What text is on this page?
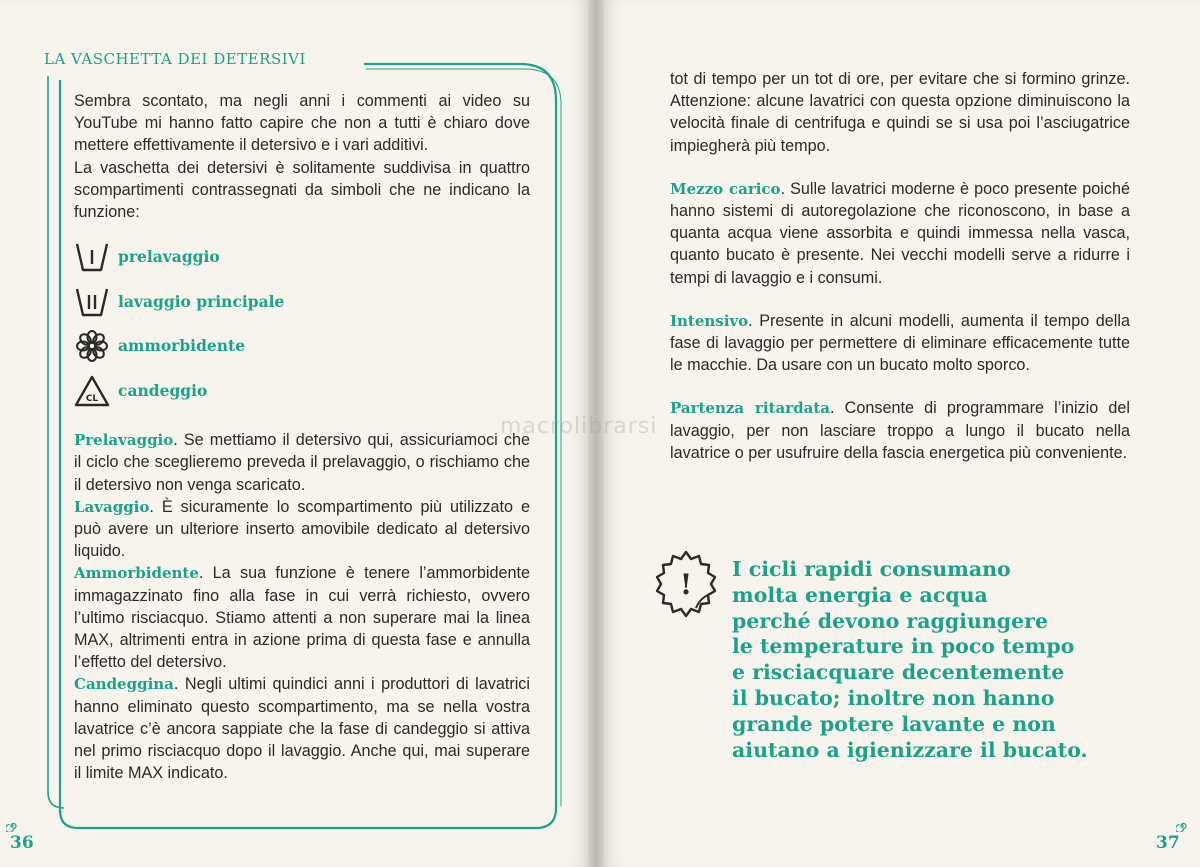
LA VASCHETTA DEI DETERSIVI

Sembra scontato, ma negli anni i commenti ai video su YouTube mi hanno fatto capire che non a tutti è chiaro dove mettere effettivamente il detersivo e i vari additivi.

La vaschetta dei detersivi è solitamente suddivisa in quattro scompartimenti contrassegnati da simboli che ne indicano la funzione:

prelavaggio
lavaggio principale
ammorbidente
CL candeggio

Prelavaggio. Se mettiamo il detersivo qui, assicuriamoci che il ciclo che sceglieremo preveda il prelavaggio, o rischiamo che il detersivo non venga scaricato.

Lavaggio. È sicuramente lo scompartimento più utilizzato e può avere un ulteriore inserto amovibile dedicato al detersivo liquido.

Ammorbidente. La sua funzione è tenere l’ammorbidente immagazzinato fino alla fase in cui verrà richiesto, ovvero l’ultimo risciacquo. Stiamo attenti a non superare mai la linea MAX, altrimenti entra in azione prima di questa fase e annulla l’effetto del detersivo.

Candeggina. Negli ultimi quindici anni i produttori di lavatrici hanno eliminato questo scompartimento, ma se nella vostra lavatrice c’è ancora sappiate che la fase di candeggio si attiva nel primo risciacquo dopo il lavaggio. Anche qui, mai superare il limite MAX indicato.

36

tot di tempo per un tot di ore, per evitare che si formino grinze. Attenzione: alcune lavatrici con questa opzione diminuiscono la velocità finale di centrifuga e quindi se si usa poi l’asciugatrice impiegherà più tempo.

Mezzo carico. Sulle lavatrici moderne è poco presente poiché hanno sistemi di autoregolazione che riconoscono, in base a quanta acqua viene assorbita e quindi immessa nella vasca, quanto bucato è presente. Nei vecchi modelli serve a ridurre i tempi di lavaggio e i consumi.

Intensivo. Presente in alcuni modelli, aumenta il tempo della fase di lavaggio per permettere di eliminare efficacemente tutte le macchie. Da usare con un bucato molto sporco.

Partenza ritardata. Consente di programmare l’inizio del lavaggio, per non lasciare troppo a lungo il bucato nella lavatrice o per usufruire della fascia energetica più conveniente.

! I cicli rapidi consumano
molta energia e acqua
perché devono raggiungere
le temperature in poco tempo
e risciacquare decentemente
il bucato; inoltre non hanno
grande potere lavante e non
aiutano a igienizzare il bucato.
37
macrolibrarsi
